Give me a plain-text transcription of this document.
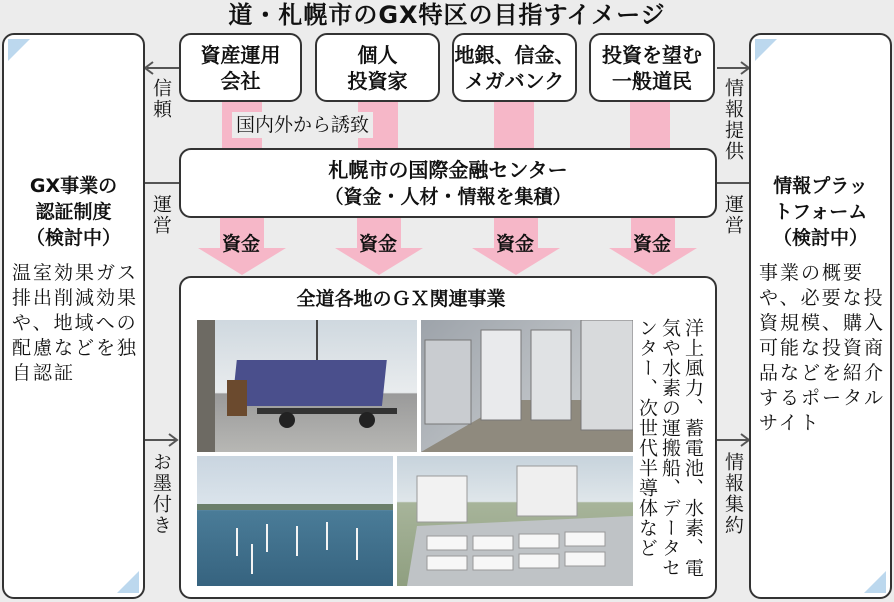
道・札幌市のGX特区の目指すイメージ
国内外から誘致
資産運用
会社
個人
投資家
地銀、信金、
メガバンク
投資を望む
一般道民
札幌市の国際金融センター
（資金・人材・情報を集積）
資金	資金	資金	資金
全道各地のＧＸ関連事業
洋上風力、蓄電池、水素、電気や水素の運搬船、データセンター、次世代半導体など
GX事業の
認証制度
（検討中）
温室効果ガス排出削減効果や、地域への配慮などを独自認証
情報プラッ
トフォーム
（検討中）
事業の概要や、必要な投資規模、購入可能な投資商品などを紹介するポータルサイト
信頼
運営
お墨付き
情報提供
運営
情報集約
